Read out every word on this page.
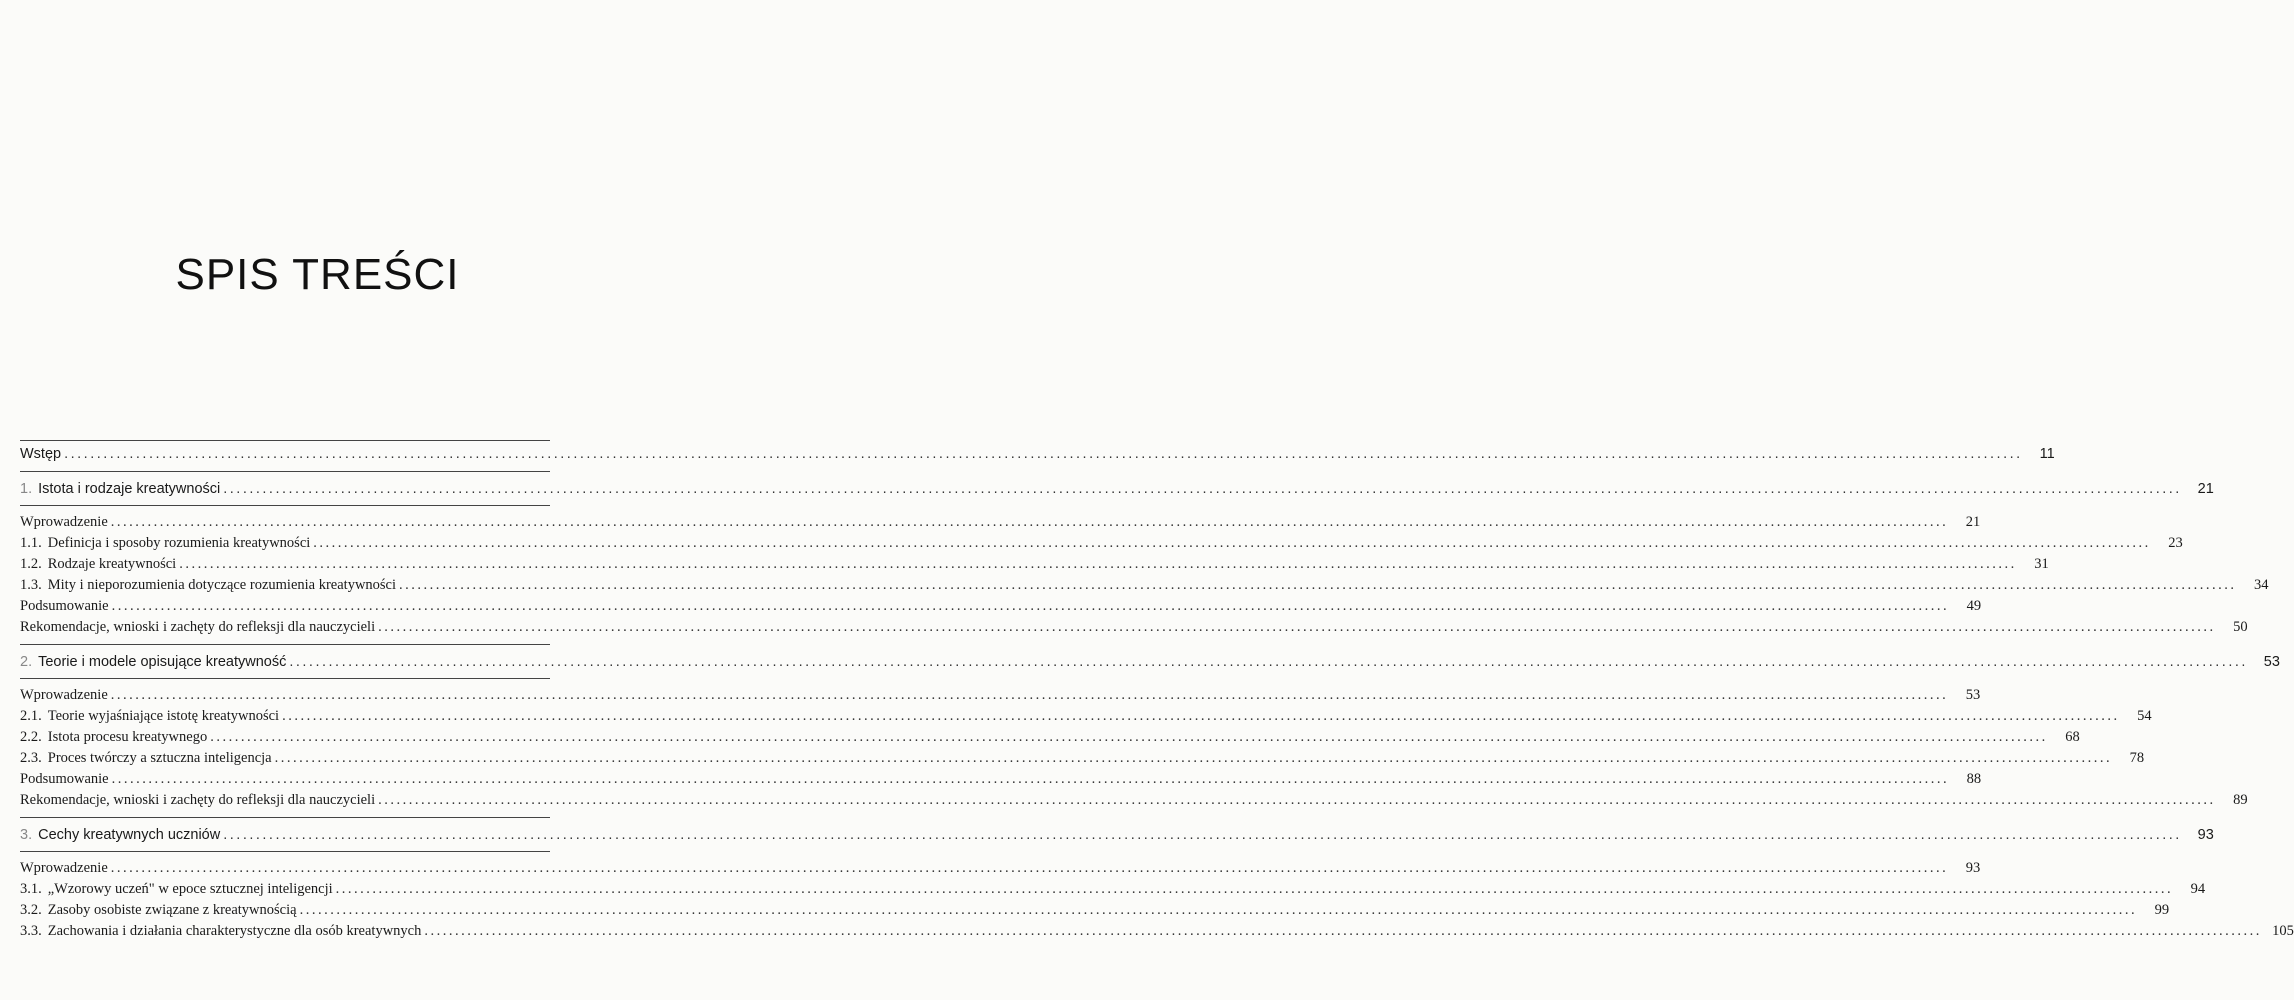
SPIS TREŚCI
Wstęp ............................................................................................................................................................................................................................................................................................................	11
1. Istota i rodzaje kreatywności ............................................................................................................................................................................................................................................................................................................	21
Wprowadzenie ............................................................................................................................................................................................................................................................................................................	21
1.1. Definicja i sposoby rozumienia kreatywności ............................................................................................................................................................................................................................................................................................................	23
1.2. Rodzaje kreatywności ............................................................................................................................................................................................................................................................................................................	31
1.3. Mity i nieporozumienia dotyczące rozumienia kreatywności ............................................................................................................................................................................................................................................................................................................	34
Podsumowanie ............................................................................................................................................................................................................................................................................................................	49
Rekomendacje, wnioski i zachęty do refleksji dla nauczycieli ............................................................................................................................................................................................................................................................................................................	50
2. Teorie i modele opisujące kreatywność ............................................................................................................................................................................................................................................................................................................	53
Wprowadzenie ............................................................................................................................................................................................................................................................................................................	53
2.1. Teorie wyjaśniające istotę kreatywności ............................................................................................................................................................................................................................................................................................................	54
2.2. Istota procesu kreatywnego ............................................................................................................................................................................................................................................................................................................	68
2.3. Proces twórczy a sztuczna inteligencja ............................................................................................................................................................................................................................................................................................................	78
Podsumowanie ............................................................................................................................................................................................................................................................................................................	88
Rekomendacje, wnioski i zachęty do refleksji dla nauczycieli ............................................................................................................................................................................................................................................................................................................	89
3. Cechy kreatywnych uczniów ............................................................................................................................................................................................................................................................................................................	93
Wprowadzenie ............................................................................................................................................................................................................................................................................................................	93
3.1. „Wzorowy uczeń" w epoce sztucznej inteligencji ............................................................................................................................................................................................................................................................................................................	94
3.2. Zasoby osobiste związane z kreatywnością ............................................................................................................................................................................................................................................................................................................	99
3.3. Zachowania i działania charakterystyczne dla osób kreatywnych ............................................................................................................................................................................................................................................................................................................ 105
